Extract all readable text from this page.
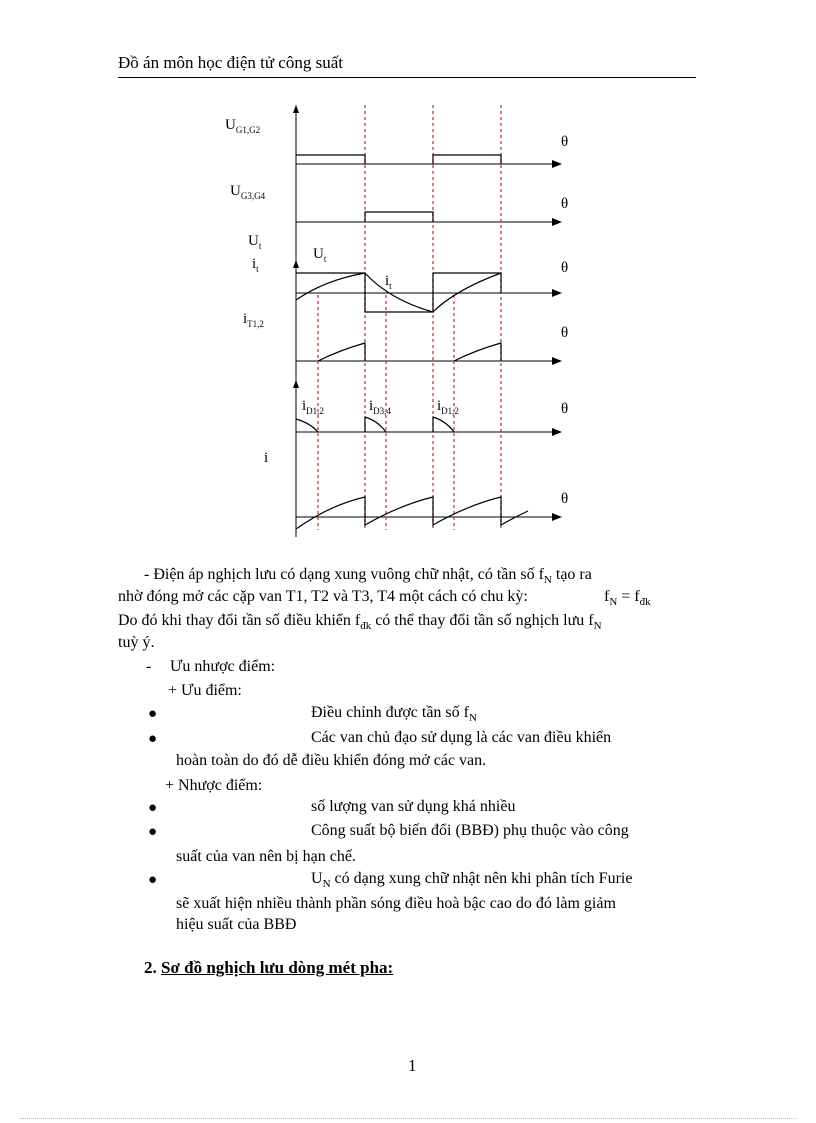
Đồ án môn học điện tử công suất
$U_{G1,G2}$
$U_{G3,G4}$
$U_t$
$i_t$
$U_t$
$i_t$
$i_{T1,2}$
$i_{D1,2}$	$i_{D3,4}$	$i_{D1,2}$
i
θ
θ
θ
θ
θ
θ
- Điện áp nghịch lưu có dạng xung vuông chữ nhật, có tần số $f_N$ tạo ra
nhờ đóng mở các cặp van T1, T2 và T3, T4 một cách có chu kỳ:	$f_N = f_{đk}$
Do đó khi thay đổi tần số điều khiển $f_{đk}$ có thể thay đổi tần số nghịch lưu $f_N$
tuỳ ý.
- Ưu nhược điểm:
+ Ưu điểm:
●	Điều chỉnh được tần số $f_N$
●	Các van chủ đạo sử dụng là các van điều khiển
hoàn toàn do đó dễ điều khiển đóng mở các van.
+ Nhược điểm:
●	số lượng van sử dụng khá nhiều
●	Công suất bộ biến đổi (BBĐ) phụ thuộc vào công
suất của van nên bị hạn chế.
●	$U_N$ có dạng xung chữ nhật nên khi phân tích Furie
sẽ xuất hiện nhiều thành phần sóng điều hoà bậc cao do đó làm giảm
hiệu suất của BBĐ
2. Sơ đồ nghịch lưu dòng mét pha:
1
